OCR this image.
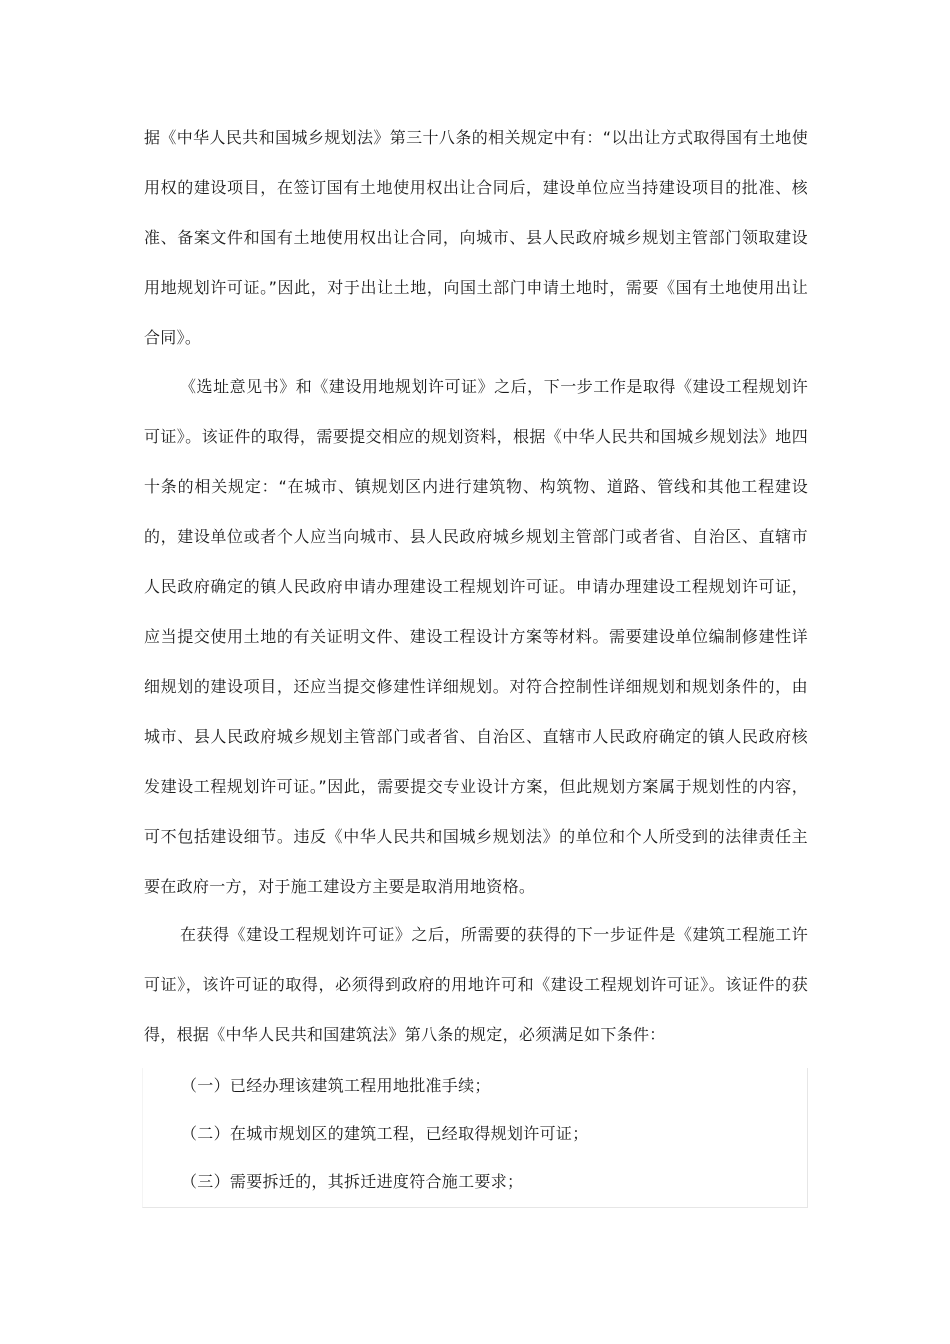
据《中华人民共和国城乡规划法》第三十八条的相关规定中有：“以出让方式取得国有土地使用权的建设项目，在签订国有土地使用权出让合同后，建设单位应当持建设项目的批准、核准、备案文件和国有土地使用权出让合同，向城市、县人民政府城乡规划主管部门领取建设用地规划许可证。”因此，对于出让土地，向国土部门申请土地时，需要《国有土地使用出让合同》。

《选址意见书》和《建设用地规划许可证》之后，下一步工作是取得《建设工程规划许可证》。该证件的取得，需要提交相应的规划资料，根据《中华人民共和国城乡规划法》地四十条的相关规定：“在城市、镇规划区内进行建筑物、构筑物、道路、管线和其他工程建设的，建设单位或者个人应当向城市、县人民政府城乡规划主管部门或者省、自治区、直辖市人民政府确定的镇人民政府申请办理建设工程规划许可证。申请办理建设工程规划许可证，应当提交使用土地的有关证明文件、建设工程设计方案等材料。需要建设单位编制修建性详细规划的建设项目，还应当提交修建性详细规划。对符合控制性详细规划和规划条件的，由城市、县人民政府城乡规划主管部门或者省、自治区、直辖市人民政府确定的镇人民政府核发建设工程规划许可证。”因此，需要提交专业设计方案，但此规划方案属于规划性的内容，可不包括建设细节。违反《中华人民共和国城乡规划法》的单位和个人所受到的法律责任主要在政府一方，对于施工建设方主要是取消用地资格。

在获得《建设工程规划许可证》之后，所需要的获得的下一步证件是《建筑工程施工许可证》，该许可证的取得，必须得到政府的用地许可和《建设工程规划许可证》。该证件的获得，根据《中华人民共和国建筑法》第八条的规定，必须满足如下条件：

（一）已经办理该建筑工程用地批准手续；
（二）在城市规划区的建筑工程，已经取得规划许可证；
（三）需要拆迁的，其拆迁进度符合施工要求；
